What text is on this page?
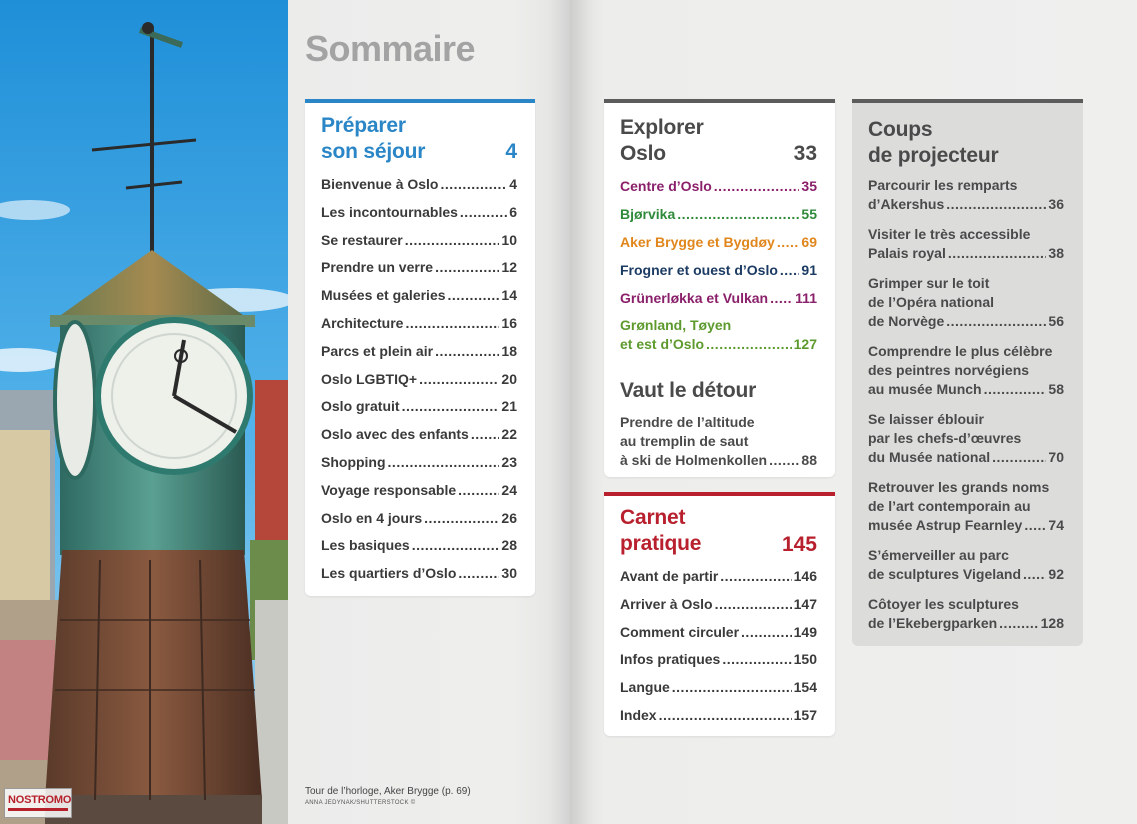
NOSTROMO
Sommaire
Préparer
son séjour	4
Bienvenue à Oslo .....	4
Les incontournables .....	6
Se restaurer .....	10
Prendre un verre .....	12
Musées et galeries .....	14
Architecture .....	16
Parcs et plein air .....	18
Oslo LGBTIQ+ .....	20
Oslo gratuit .....	21
Oslo avec des enfants ..... 22
Shopping .....	23
Voyage responsable .....	24
Oslo en 4 jours .....	26
Les basiques .....	28
Les quartiers d’Oslo .....	30
Explorer
Oslo	33
Centre d’Oslo .....	35
Bjørvika .....	55
Aker Brygge et Bygdøy ..... 69
Frogner et ouest d’Oslo ..... 91
Grünerløkka et Vulkan ..... 111
Grønland, Tøyen
et est d’Oslo .....	127
Vaut le détour
Prendre de l’altitude
au tremplin de saut
à ski de Holmenkollen ..... 88
Carnet
pratique	145
Avant de partir .....	146
Arriver à Oslo .....	147
Comment circuler .....	149
Infos pratiques .....	150
Langue .....	154
Index .....	157
Coups
de projecteur
Parcourir les remparts
d’Akershus .....	36
Visiter le très accessible
Palais royal .....	38
Grimper sur le toit
de l’Opéra national
de Norvège .....	56
Comprendre le plus célèbre
des peintres norvégiens
au musée Munch .....	58
Se laisser éblouir
par les chefs-d’œuvres
du Musée national .....	70
Retrouver les grands noms
de l’art contemporain au
musée Astrup Fearnley ..... 74
S’émerveiller au parc
de sculptures Vigeland ..... 92
Côtoyer les sculptures
de l’Ekebergparken .....	128
Tour de l’horloge, Aker Brygge (p. 69)
ANNA JEDYNAK/SHUTTERSTOCK ©
